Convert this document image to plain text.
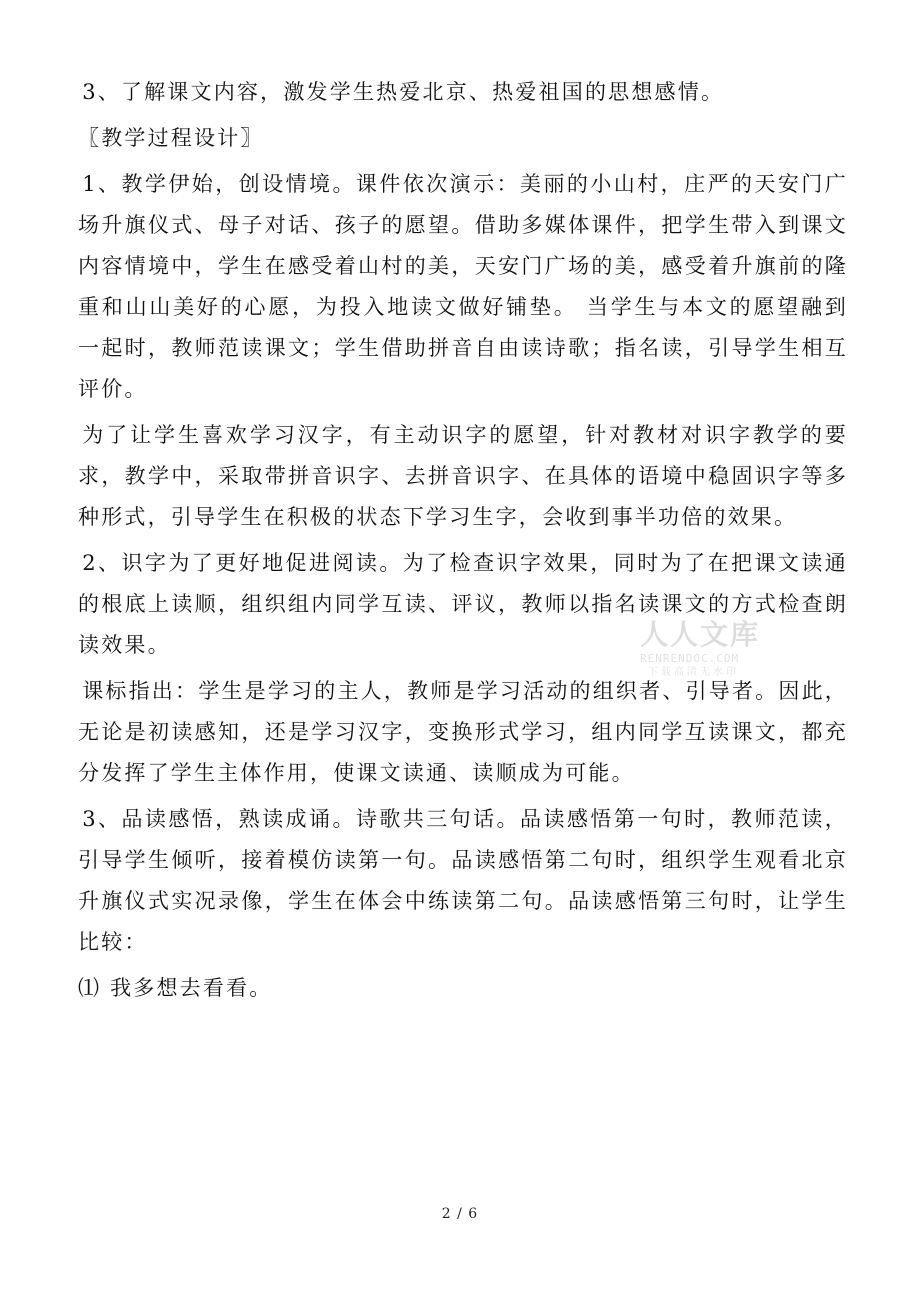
3、了解课文内容，激发学生热爱北京、热爱祖国的思想感情。

〖教学过程设计〗

1、教学伊始，创设情境。课件依次演示：美丽的小山村，庄严的天安门广场升旗仪式、母子对话、孩子的愿望。借助多媒体课件，把学生带入到课文内容情境中，学生在感受着山村的美，天安门广场的美，感受着升旗前的隆重和山山美好的心愿，为投入地读文做好铺垫。 当学生与本文的愿望融到一起时，教师范读课文；学生借助拼音自由读诗歌；指名读，引导学生相互评价。

为了让学生喜欢学习汉字，有主动识字的愿望，针对教材对识字教学的要求，教学中，采取带拼音识字、去拼音识字、在具体的语境中稳固识字等多种形式，引导学生在积极的状态下学习生字，会收到事半功倍的效果。

2、识字为了更好地促进阅读。为了检查识字效果，同时为了在把课文读通的根底上读顺，组织组内同学互读、评议，教师以指名读课文的方式检查朗读效果。

课标指出：学生是学习的主人，教师是学习活动的组织者、引导者。因此，无论是初读感知，还是学习汉字，变换形式学习，组内同学互读课文，都充分发挥了学生主体作用，使课文读通、读顺成为可能。

3、品读感悟，熟读成诵。诗歌共三句话。品读感悟第一句时，教师范读，引导学生倾听，接着模仿读第一句。品读感悟第二句时，组织学生观看北京升旗仪式实况录像，学生在体会中练读第二句。品读感悟第三句时，让学生比较：

⑴ 我多想去看看。

人人文库
RENRENDOC.COM
下载高清无水印
2 / 6
